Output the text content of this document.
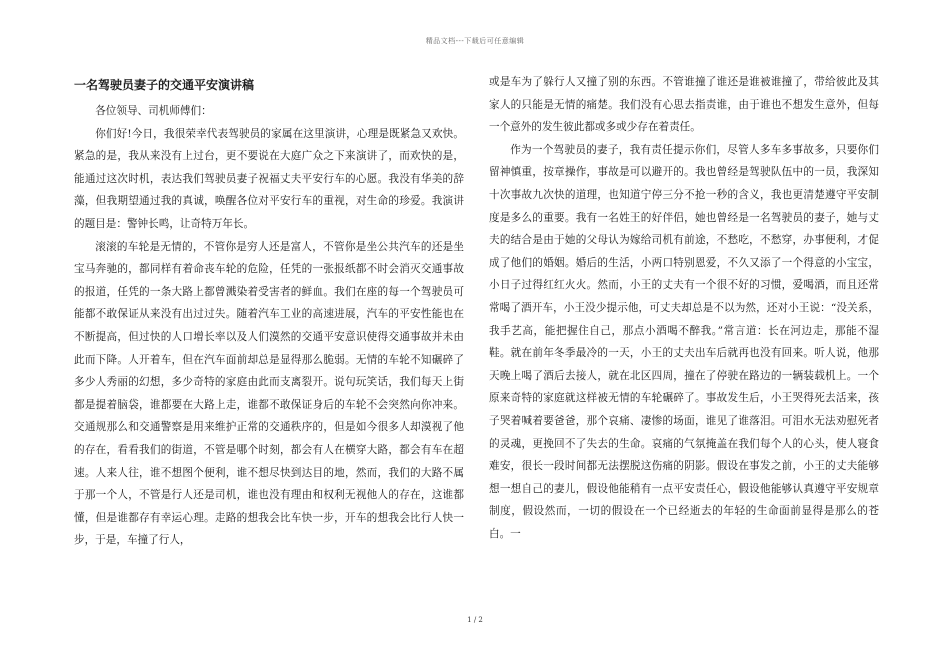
精品文档---下载后可任意编辑
一名驾驶员妻子的交通平安演讲稿

各位领导、司机师傅们：

你们好!今日，我很荣幸代表驾驶员的家属在这里演讲，心理是既紧急又欢快。紧急的是，我从来没有上过台，更不要说在大庭广众之下来演讲了，而欢快的是，能通过这次时机，表达我们驾驶员妻子祝福丈夫平安行车的心愿。我没有华美的辞藻，但我期望通过我的真诚，唤醒各位对平安行车的重视，对生命的珍爱。我演讲的题目是：警钟长鸣，让奇特万年长。

滚滚的车轮是无情的，不管你是穷人还是富人，不管你是坐公共汽车的还是坐宝马奔驰的，都同样有着命丧车轮的危险，任凭的一张报纸都不时会消灭交通事故的报道，任凭的一条大路上都曾溅染着受害者的鲜血。我们在座的每一个驾驶员可能都不敢保证从来没有出过过失。随着汽车工业的高速进展，汽车的平安性能也在不断提高，但过快的人口增长率以及人们漠然的交通平安意识使得交通事故并未由此而下降。人开着车，但在汽车面前却总是显得那么脆弱。无情的车轮不知碾碎了多少人秀丽的幻想，多少奇特的家庭由此而支离裂开。说句玩笑话，我们每天上街都是提着脑袋，谁都要在大路上走，谁都不敢保证身后的车轮不会突然向你冲来。交通规那么和交通警察是用来维护正常的交通秩序的，但是如今很多人却漠视了他的存在，看看我们的街道，不管是哪个时刻，都会有人在横穿大路，都会有车在超速。人来人往，谁不想图个便利，谁不想尽快到达目的地，然而，我们的大路不属于那一个人，不管是行人还是司机，谁也没有理由和权利无视他人的存在，这谁都懂，但是谁都存有幸运心理。走路的想我会比车快一步，开车的想我会比行人快一步，于是，车撞了行人，

或是车为了躲行人又撞了别的东西。不管谁撞了谁还是谁被谁撞了，带给彼此及其家人的只能是无情的痛楚。我们没有心思去指责谁，由于谁也不想发生意外，但每一个意外的发生彼此都或多或少存在着责任。

作为一个驾驶员的妻子，我有责任提示你们，尽管人多车多事故多，只要你们留神慎重，按章操作，事故是可以避开的。我也曾经是驾驶队伍中的一员，我深知十次事故九次快的道理，也知道宁停三分不抢一秒的含义，我也更清楚遵守平安制度是多么的重要。我有一名姓王的好伴侣，她也曾经是一名驾驶员的妻子，她与丈夫的结合是由于她的父母认为嫁给司机有前途，不愁吃，不愁穿，办事便利，才促成了他们的婚姻。婚后的生活，小两口特别恩爱，不久又添了一个得意的小宝宝，小日子过得红红火火。然而，小王的丈夫有一个很不好的习惯，爱喝酒，而且还常常喝了酒开车，小王没少提示他，可丈夫却总是不以为然，还对小王说：“没关系，我手艺高，能把握住自己，那点小酒喝不醉我。”常言道：长在河边走，那能不湿鞋。就在前年冬季最冷的一天，小王的丈夫出车后就再也没有回来。听人说，他那天晚上喝了酒后去接人，就在北区四周，撞在了停驶在路边的一辆装载机上。一个原来奇特的家庭就这样被无情的车轮碾碎了。事故发生后，小王哭得死去活来，孩子哭着喊着要爸爸，那个哀痛、凄惨的场面，谁见了谁落泪。可泪水无法劝慰死者的灵魂，更挽回不了失去的生命。哀痛的气氛掩盖在我们每个人的心头，使人寝食难安，很长一段时间都无法摆脱这伤痛的阴影。假设在事发之前，小王的丈夫能够想一想自己的妻儿，假设他能稍有一点平安责任心，假设他能够认真遵守平安规章制度，假设然而，一切的假设在一个已经逝去的年轻的生命面前显得是那么的苍白。一

1 / 2
